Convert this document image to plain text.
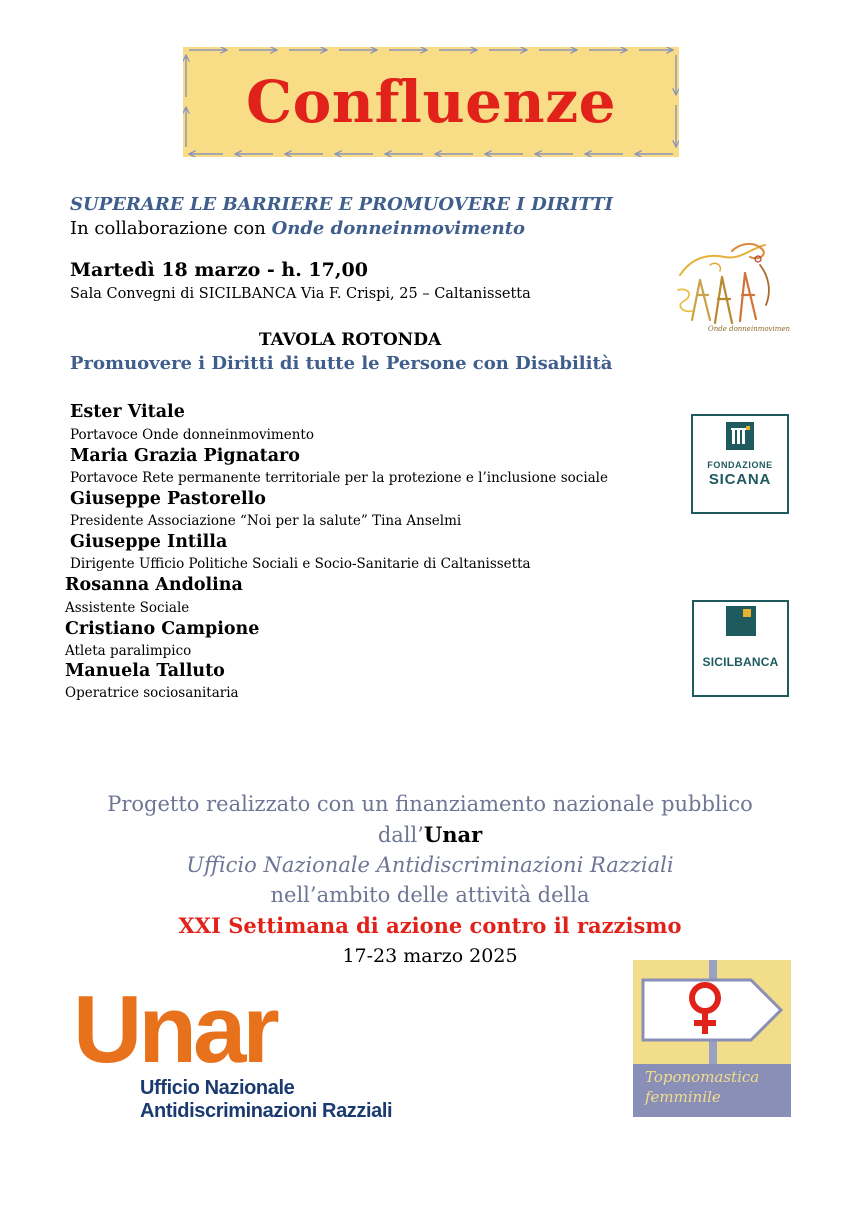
Confluenze
SUPERARE LE BARRIERE E PROMUOVERE I DIRITTI
In collaborazione con Onde donneinmovimento
Martedì 18 marzo - h. 17,00
Sala Convegni di SICILBANCA Via F. Crispi, 25 – Caltanissetta
TAVOLA ROTONDA
Promuovere i Diritti di tutte le Persone con Disabilità
Ester Vitale
Portavoce Onde donneinmovimento
Maria Grazia Pignataro
Portavoce Rete permanente territoriale per la protezione e l’inclusione sociale
Giuseppe Pastorello
Presidente Associazione “Noi per la salute” Tina Anselmi
Giuseppe Intilla
Dirigente Ufficio Politiche Sociali e Socio-Sanitarie di Caltanissetta
Rosanna Andolina
Assistente Sociale
Cristiano Campione
Atleta paralimpico
Manuela Talluto
Operatrice sociosanitaria
Progetto realizzato con un finanziamento nazionale pubblico
dall’Unar
Ufficio Nazionale Antidiscriminazioni Razziali
nell’ambito delle attività della
XXI Settimana di azione contro il razzismo
17-23 marzo 2025
Onde donneinmovimento
FONDAZIONE
SICANA
SICILBANCA
Unar
Ufficio Nazionale
Antidiscriminazioni Razziali
Toponomastica
femminile
